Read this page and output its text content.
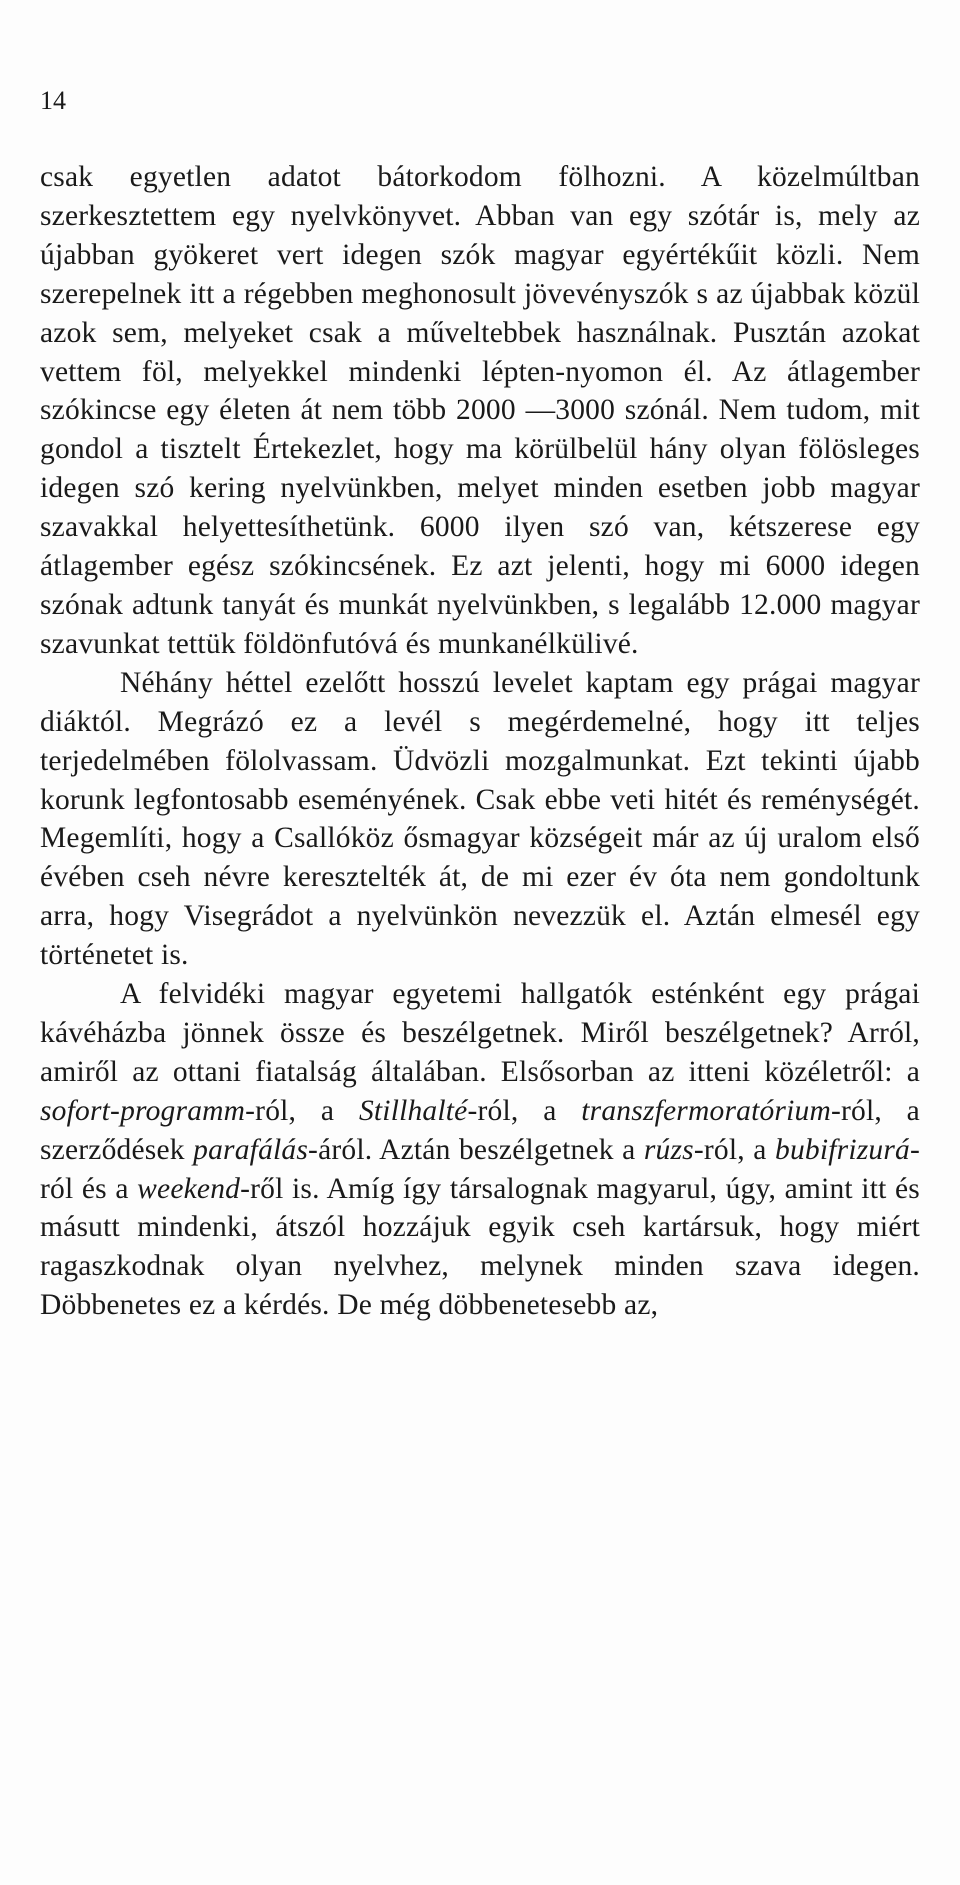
14

csak egyetlen adatot bátorkodom fölhozni. A közelmúltban szerkesztettem egy nyelvkönyvet. Abban van egy szótár is, mely az újabban gyökeret vert idegen szók magyar egyértékűit közli. Nem szerepelnek itt a régebben meghonosult jövevényszók s az újabbak közül azok sem, melyeket csak a műveltebbek használnak. Pusztán azokat vettem föl, melyekkel mindenki lépten-nyomon él. Az átlagember szókincse egy életen át nem több 2000 —3000 szónál. Nem tudom, mit gondol a tisztelt Értekezlet, hogy ma körülbelül hány olyan fölösleges idegen szó kering nyelvünkben, melyet minden esetben jobb magyar szavakkal helyettesíthetünk. 6000 ilyen szó van, kétszerese egy átlagember egész szókincsének. Ez azt jelenti, hogy mi 6000 idegen szónak adtunk tanyát és munkát nyelvünkben, s legalább 12.000 magyar szavunkat tettük földönfutóvá és munkanélkülivé.

Néhány héttel ezelőtt hosszú levelet kaptam egy prágai magyar diáktól. Megrázó ez a levél s megérdemelné, hogy itt teljes terjedelmében fölolvassam. Üdvözli mozgalmunkat. Ezt tekinti újabb korunk legfontosabb eseményének. Csak ebbe veti hitét és reménységét. Megemlíti, hogy a Csallóköz ősmagyar községeit már az új uralom első évében cseh névre keresztelték át, de mi ezer év óta nem gondoltunk arra, hogy Visegrádot a nyelvünkön nevezzük el. Aztán elmesél egy történetet is.

A felvidéki magyar egyetemi hallgatók esténként egy prágai kávéházba jönnek össze és beszélgetnek. Miről beszélgetnek? Arról, amiről az ottani fiatalság általában. Elsősorban az itteni közéletről: a sofort-programm-ról, a Stillhalté-ról, a transzfermoratórium-ról, a szerződések parafálás-áról. Aztán beszélgetnek a rúzs-ról, a bubifrizurá-ról és a weekend-ről is. Amíg így társalognak magyarul, úgy, amint itt és másutt mindenki, átszól hozzájuk egyik cseh kartársuk, hogy miért ragaszkodnak olyan nyelvhez, melynek minden szava idegen. Döbbenetes ez a kérdés. De még döbbenetesebb az,
